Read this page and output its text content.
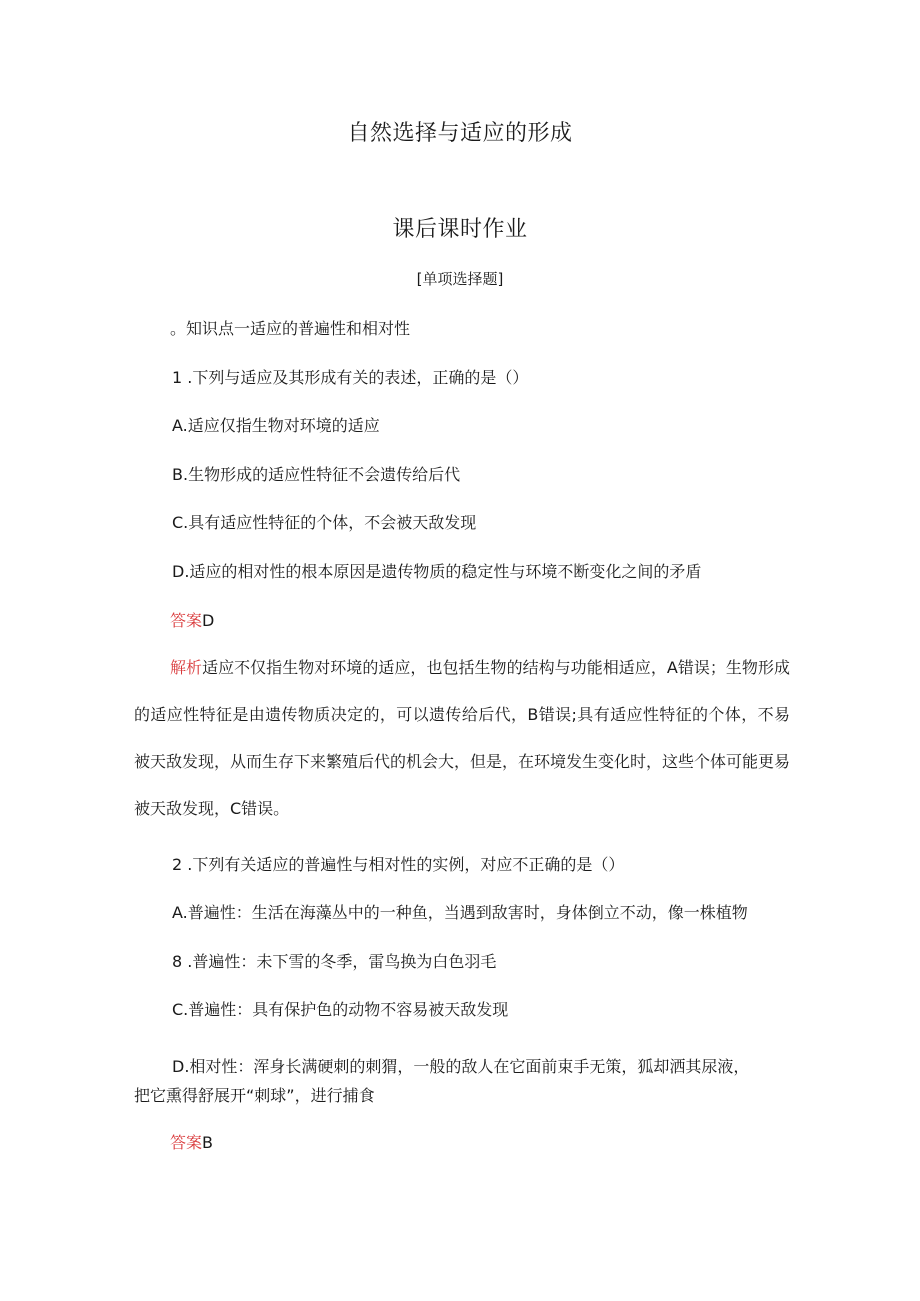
自然选择与适应的形成
课后课时作业
[单项选择题]
。知识点一适应的普遍性和相对性
1 .下列与适应及其形成有关的表述，正确的是（）
A.适应仅指生物对环境的适应
B.生物形成的适应性特征不会遗传给后代
C.具有适应性特征的个体，不会被天敌发现
D.适应的相对性的根本原因是遗传物质的稳定性与环境不断变化之间的矛盾
答案D
解析适应不仅指生物对环境的适应，也包括生物的结构与功能相适应，A错误；生物形成的适应性特征是由遗传物质决定的，可以遗传给后代，B错误;具有适应性特征的个体，不易被天敌发现，从而生存下来繁殖后代的机会大，但是，在环境发生变化时，这些个体可能更易被天敌发现，C错误。
2 .下列有关适应的普遍性与相对性的实例，对应不正确的是（）
A.普遍性：生活在海藻丛中的一种鱼，当遇到敌害时，身体倒立不动，像一株植物
8 .普遍性：未下雪的冬季，雷鸟换为白色羽毛
C.普遍性：具有保护色的动物不容易被天敌发现
D.相对性：浑身长满硬刺的刺猬，一般的敌人在它面前束手无策，狐却洒其尿液，
把它熏得舒展开“刺球”，进行捕食
答案B
